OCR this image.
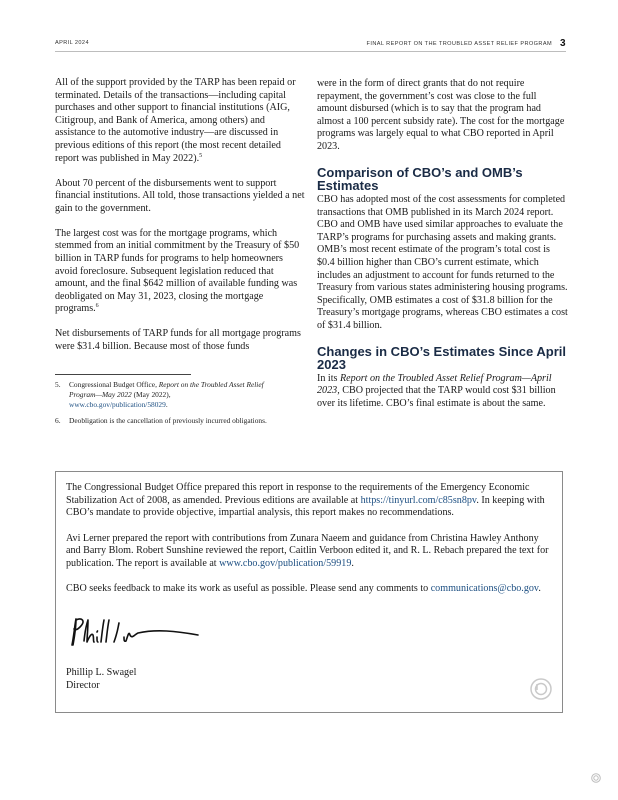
APRIL 2024	FINAL REPORT ON THE TROUBLED ASSET RELIEF PROGRAM 3

All of the support provided by the TARP has been repaid or terminated. Details of the transactions—including capital purchases and other support to financial institutions (AIG, Citigroup, and Bank of America, among others) and assistance to the automotive industry—are discussed in previous editions of this report (the most recent detailed report was published in May 2022).$^5$

About 70 percent of the disbursements went to support financial institutions. All told, those transactions yielded a net gain to the government.

The largest cost was for the mortgage programs, which stemmed from an initial commitment by the Treasury of $50 billion in TARP funds for programs to help homeowners avoid foreclosure. Subsequent legislation reduced that amount, and the final $642 million of available funding was deobligated on May 31, 2023, closing the mortgage programs.$^6$

Net disbursements of TARP funds for all mortgage programs were $31.4 billion. Because most of those funds

5.	Congressional Budget Office, Report on the Troubled Asset Relief Program—May 2022 (May 2022), www.cbo.gov/publication/58029.
6.	Deobligation is the cancellation of previously incurred obligations.

were in the form of direct grants that do not require repayment, the government’s cost was close to the full amount disbursed (which is to say that the program had almost a 100 percent subsidy rate). The cost for the mortgage programs was largely equal to what CBO reported in April 2023.

Comparison of CBO’s and OMB’s Estimates

CBO has adopted most of the cost assessments for completed transactions that OMB published in its March 2024 report. CBO and OMB have used similar approaches to evaluate the TARP’s programs for purchasing assets and making grants. OMB’s most recent estimate of the program’s total cost is $0.4 billion higher than CBO’s current estimate, which includes an adjustment to account for funds returned to the Treasury from various states administering housing programs. Specifically, OMB estimates a cost of $31.8 billion for the Treasury’s mortgage programs, whereas CBO estimates a cost of $31.4 billion.

Changes in CBO’s Estimates Since April 2023

In its Report on the Troubled Asset Relief Program—April 2023, CBO projected that the TARP would cost $31 billion over its lifetime. CBO’s final estimate is about the same.

The Congressional Budget Office prepared this report in response to the requirements of the Emergency Economic Stabilization Act of 2008, as amended. Previous editions are available at https://tinyurl.com/c85sn8pv. In keeping with CBO’s mandate to provide objective, impartial analysis, this report makes no recommendations.

Avi Lerner prepared the report with contributions from Zunara Naeem and guidance from Christina Hawley Anthony and Barry Blom. Robert Sunshine reviewed the report, Caitlin Verboon edited it, and R. L. Rebach prepared the text for publication. The report is available at www.cbo.gov/publication/59919.

CBO seeks feedback to make its work as useful as possible. Please send any comments to communications@cbo.gov.

Phillip L. Swagel
Director
